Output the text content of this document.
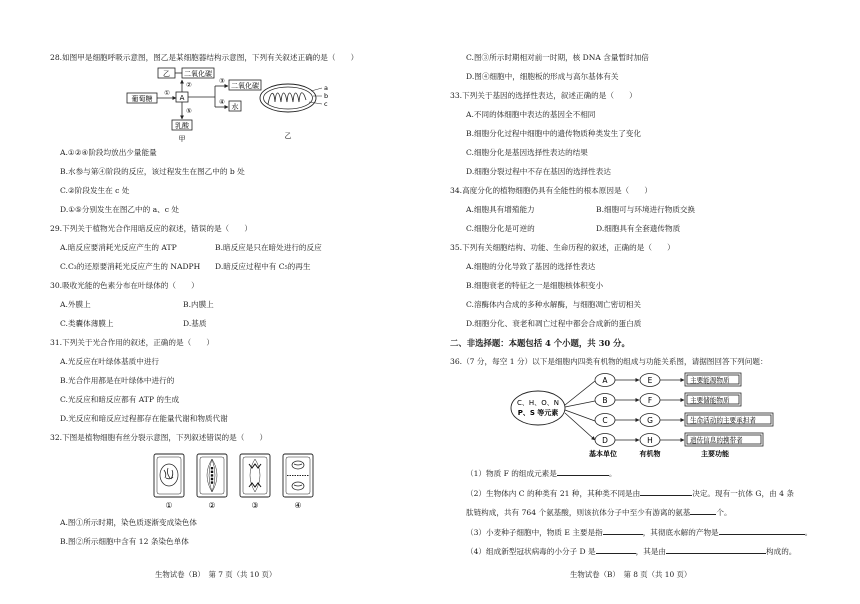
28.如图甲是细胞呼吸示意图，图乙是某细胞器结构示意图，下列有关叙述正确的是（　　）
乙 二氧化碳
葡萄糖	A
①
②	③
二氧化碳
④
水
⑤
乳酸
甲
a
b
c
乙
A.①②④阶段均放出少量能量
B.水参与第④阶段的反应，该过程发生在图乙中的 b 处
C.②阶段发生在 c 处
D.①⑤分别发生在图乙中的 a、c 处
29.下列关于植物光合作用暗反应的叙述，错误的是（　　）
A.暗反应要消耗光反应产生的 ATP	B.暗反应是只在暗处进行的反应
C.C₃的还原要消耗光反应产生的 NADPH D.暗反应过程中有 C₅的再生
30.吸收光能的色素分布在叶绿体的（　　）
A.外膜上	B.内膜上
C.类囊体薄膜上	D.基质
31.下列关于光合作用的叙述，正确的是（　　）
A.光反应在叶绿体基质中进行
B.光合作用都是在叶绿体中进行的
C.光反应和暗反应都有 ATP 的生成
D.光反应和暗反应过程都存在能量代谢和物质代谢
32.下图是植物细胞有丝分裂示意图，下列叙述错误的是（　　）
①	②	③	④
A.图①所示时期，染色质逐渐变成染色体
B.图②所示细胞中含有 12 条染色单体
生物试卷（B）　第 7 页（共 10 页）
C.图③所示时期相对前一时期，核 DNA 含量暂时加倍
D.图④细胞中，细胞板的形成与高尔基体有关
33.下列关于基因的选择性表达，叙述正确的是（　　）
A.不同的体细胞中表达的基因全不相同
B.细胞分化过程中细胞中的遗传物质种类发生了变化
C.细胞分化是基因选择性表达的结果
D.细胞分裂过程中不存在基因的选择性表达
34.高度分化的植物细胞仍具有全能性的根本原因是（　　）
A.细胞具有增殖能力	B.细胞可与环境进行物质交换
C.细胞分化是可逆的	D.细胞具有全套遗传物质
35.下列有关细胞结构、功能、生命历程的叙述，正确的是（　　）
A.细胞的分化导致了基因的选择性表达
B.细胞衰老的特征之一是细胞核体积变小
C.溶酶体内合成的多种水解酶，与细胞凋亡密切相关
D.细胞分化、衰老和凋亡过程中都会合成新的蛋白质
二、非选择题：本题包括 4 个小题，共 30 分。
36.（7 分，每空 1 分）以下是细胞内四类有机物的组成与功能关系图，请据图回答下列问题：
C、H、O、N
P、S 等元素
A
B
C
D
E
F
G
H
主要能源物质
主要储能物质
生命活动的主要承担者
遗传信息的携带者
基本单位	有机物	主要功能
（1）物质 F 的组成元素是	。
（2）生物体内 C 的种类有 21 种，其种类不同是由	决定。现有一抗体 G，由 4 条
肽链构成，共有 764 个氨基酸，则该抗体分子中至少有游离的氨基	个。
（3）小麦种子细胞中，物质 E 主要是指	，其彻底水解的产物是	。
（4）组成新型冠状病毒的小分子 D 是	，其是由	构成的。
生物试卷（B）　第 8 页（共 10 页）
